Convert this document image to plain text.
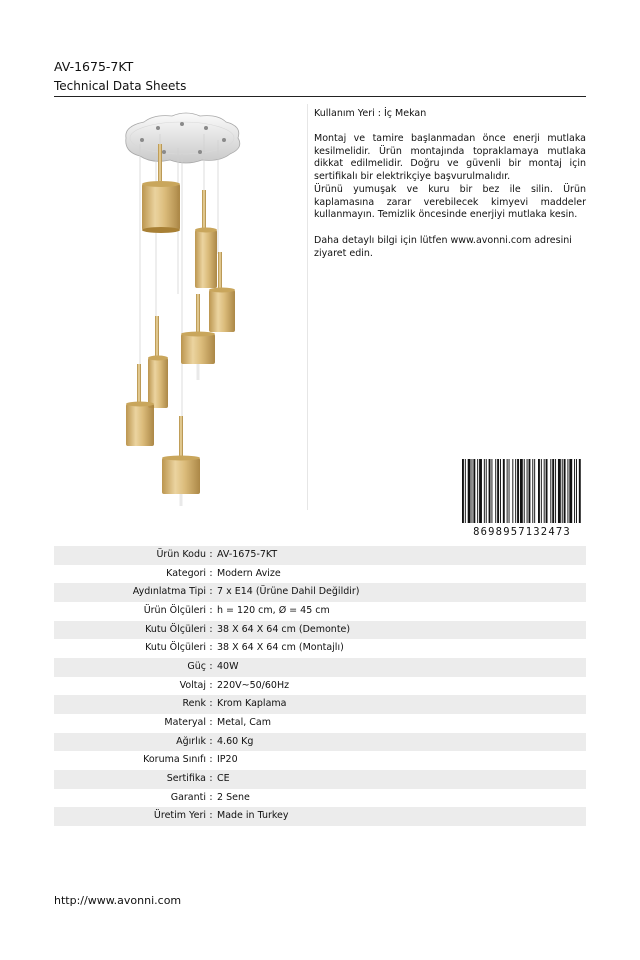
AV-1675-7KT
Technical Data Sheets
Kullanım Yeri : İç Mekan
Montaj ve tamire başlanmadan önce enerji mutlaka kesilmelidir. Ürün montajında topraklamaya mutlaka dikkat edilmelidir. Doğru ve güvenli bir montaj için sertifikalı bir elektrikçiye başvurulmalıdır.
Ürünü yumuşak ve kuru bir bez ile silin. Ürün kaplamasına zarar verebilecek kimyevi maddeler kullanmayın. Temizlik öncesinde enerjiyi mutlaka kesin.
Daha detaylı bilgi için lütfen www.avonni.com adresini ziyaret edin.
8698957132473
Ürün Kodu : AV-1675-7KT
Kategori : Modern Avize
Aydınlatma Tipi : 7 x E14 (Ürüne Dahil Değildir)
Ürün Ölçüleri : h = 120 cm, Ø = 45 cm
Kutu Ölçüleri : 38 X 64 X 64 cm (Demonte)
Kutu Ölçüleri : 38 X 64 X 64 cm (Montajlı)
Güç : 40W
Voltaj : 220V~50/60Hz
Renk : Krom Kaplama
Materyal : Metal, Cam
Ağırlık : 4.60 Kg
Koruma Sınıfı : IP20
Sertifika : CE
Garanti : 2 Sene
Üretim Yeri : Made in Turkey
http://www.avonni.com
